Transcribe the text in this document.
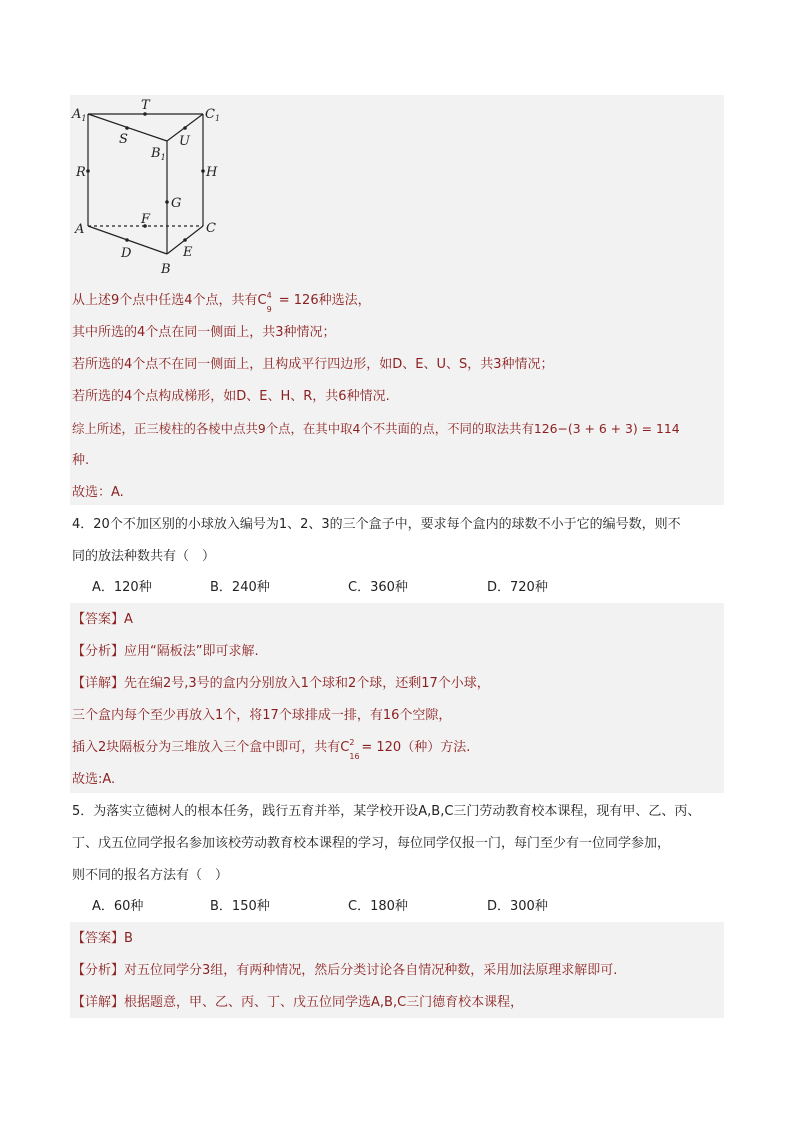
$A_1$
T
$C_1$
S	U
$B_1$
R	H
G
F
A	C
D	E
B
从上述9个点中任选4个点，共有C 4
9
= 126种选法，
其中所选的4个点在同一侧面上，共3种情况；
若所选的4个点不在同一侧面上，且构成平行四边形，如D、E、U、S，共3种情况；
若所选的4个点构成梯形，如D、E、H、R，共6种情况.
综上所述，正三棱柱的各棱中点共9个点，在其中取4个不共面的点，不同的取法共有126−(3 + 6 + 3) = 114
种.
故选：A.
4．20个不加区别的小球放入编号为1、2、3的三个盒子中，要求每个盒内的球数不小于它的编号数，则不
同的放法种数共有（　）
A．120种	B．240种	C．360种	D．720种
【答案】A
【分析】应用“隔板法”即可求解.
【详解】先在编2号,3号的盒内分别放入1个球和2个球，还剩17个小球，
三个盒内每个至少再放入1个，将17个球排成一排，有16个空隙，
插入2块隔板分为三堆放入三个盒中即可，共有C 2
16
= 120（种）方法.
故选:A.
5．为落实立德树人的根本任务，践行五育并举，某学校开设A,B,C三门劳动教育校本课程，现有甲、乙、丙、
丁、戊五位同学报名参加该校劳动教育校本课程的学习，每位同学仅报一门，每门至少有一位同学参加，
则不同的报名方法有（　）
A．60种	B．150种	C．180种	D．300种
【答案】B
【分析】对五位同学分3组，有两种情况，然后分类讨论各自情况种数，采用加法原理求解即可.
【详解】根据题意，甲、乙、丙、丁、戊五位同学选A,B,C三门德育校本课程，
